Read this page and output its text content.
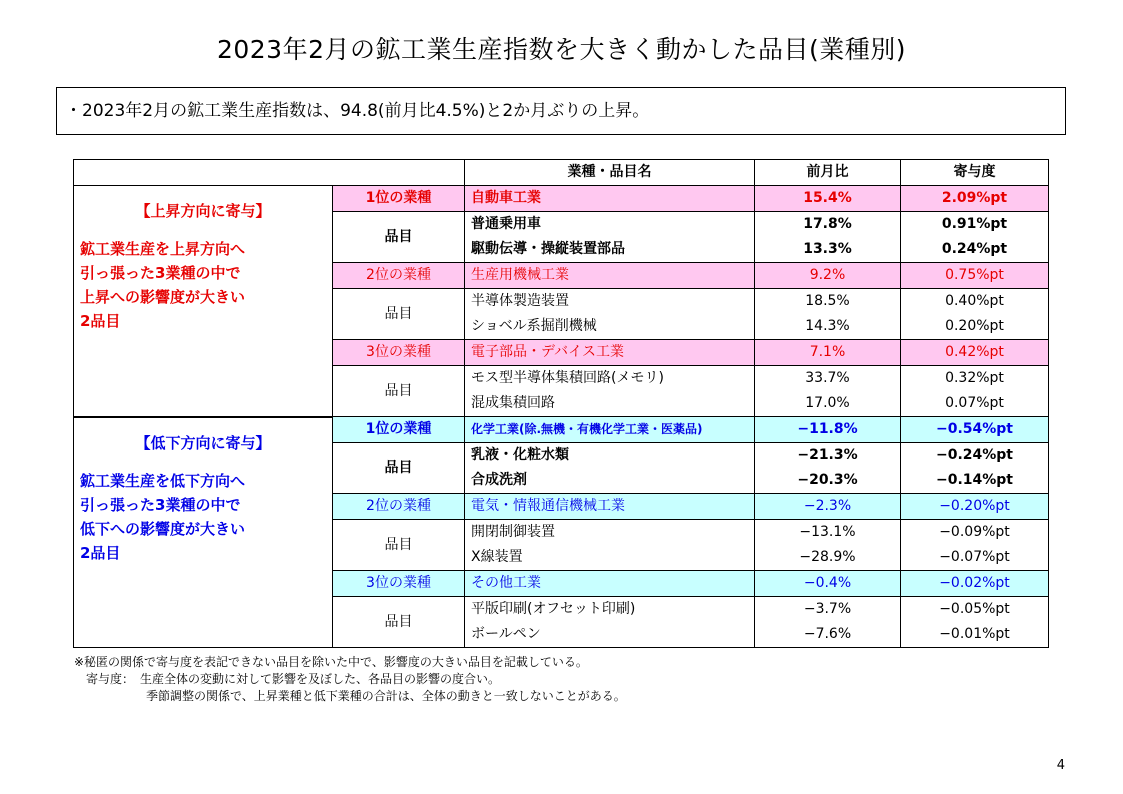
2023年2月の鉱工業生産指数を大きく動かした品目(業種別)
・2023年2月の鉱工業生産指数は、94.8(前月比4.5%)と2か月ぶりの上昇。
		業種・品目名	前月比	寄与度

【上昇方向に寄与】
鉱工業生産を上昇方向へ
引っ張った3業種の中で
上昇への影響度が大きい
2品目	1位の業種	自動車工業	15.4%	2.09%pt
	品目	普通乗用車	17.8%	0.91%pt
		駆動伝導・操縦装置部品	13.3%	0.24%pt
	2位の業種	生産用機械工業	9.2%	0.75%pt
	品目	半導体製造装置	18.5%	0.40%pt
		ショベル系掘削機械	14.3%	0.20%pt
	3位の業種	電子部品・デバイス工業	7.1%	0.42%pt
	品目	モス型半導体集積回路(メモリ)	33.7%	0.32%pt
		混成集積回路	17.0%	0.07%pt

【低下方向に寄与】
鉱工業生産を低下方向へ
引っ張った3業種の中で
低下への影響度が大きい
2品目	1位の業種	化学工業(除.無機・有機化学工業・医薬品)	−11.8%	−0.54%pt
	品目	乳液・化粧水類	−21.3%	−0.24%pt
		合成洗剤	−20.3%	−0.14%pt
	2位の業種	電気・情報通信機械工業	−2.3%	−0.20%pt
	品目	開閉制御装置	−13.1%	−0.09%pt
		X線装置	−28.9%	−0.07%pt
	3位の業種	その他工業	−0.4%	−0.02%pt
	品目	平版印刷(オフセット印刷)	−3.7%	−0.05%pt
		ボールペン	−7.6%	−0.01%pt
※秘匿の関係で寄与度を表記できない品目を除いた中で、影響度の大きい品目を記載している。
　寄与度：　生産全体の変動に対して影響を及ぼした、各品目の影響の度合い。
　　　　　　季節調整の関係で、上昇業種と低下業種の合計は、全体の動きと一致しないことがある。
4
